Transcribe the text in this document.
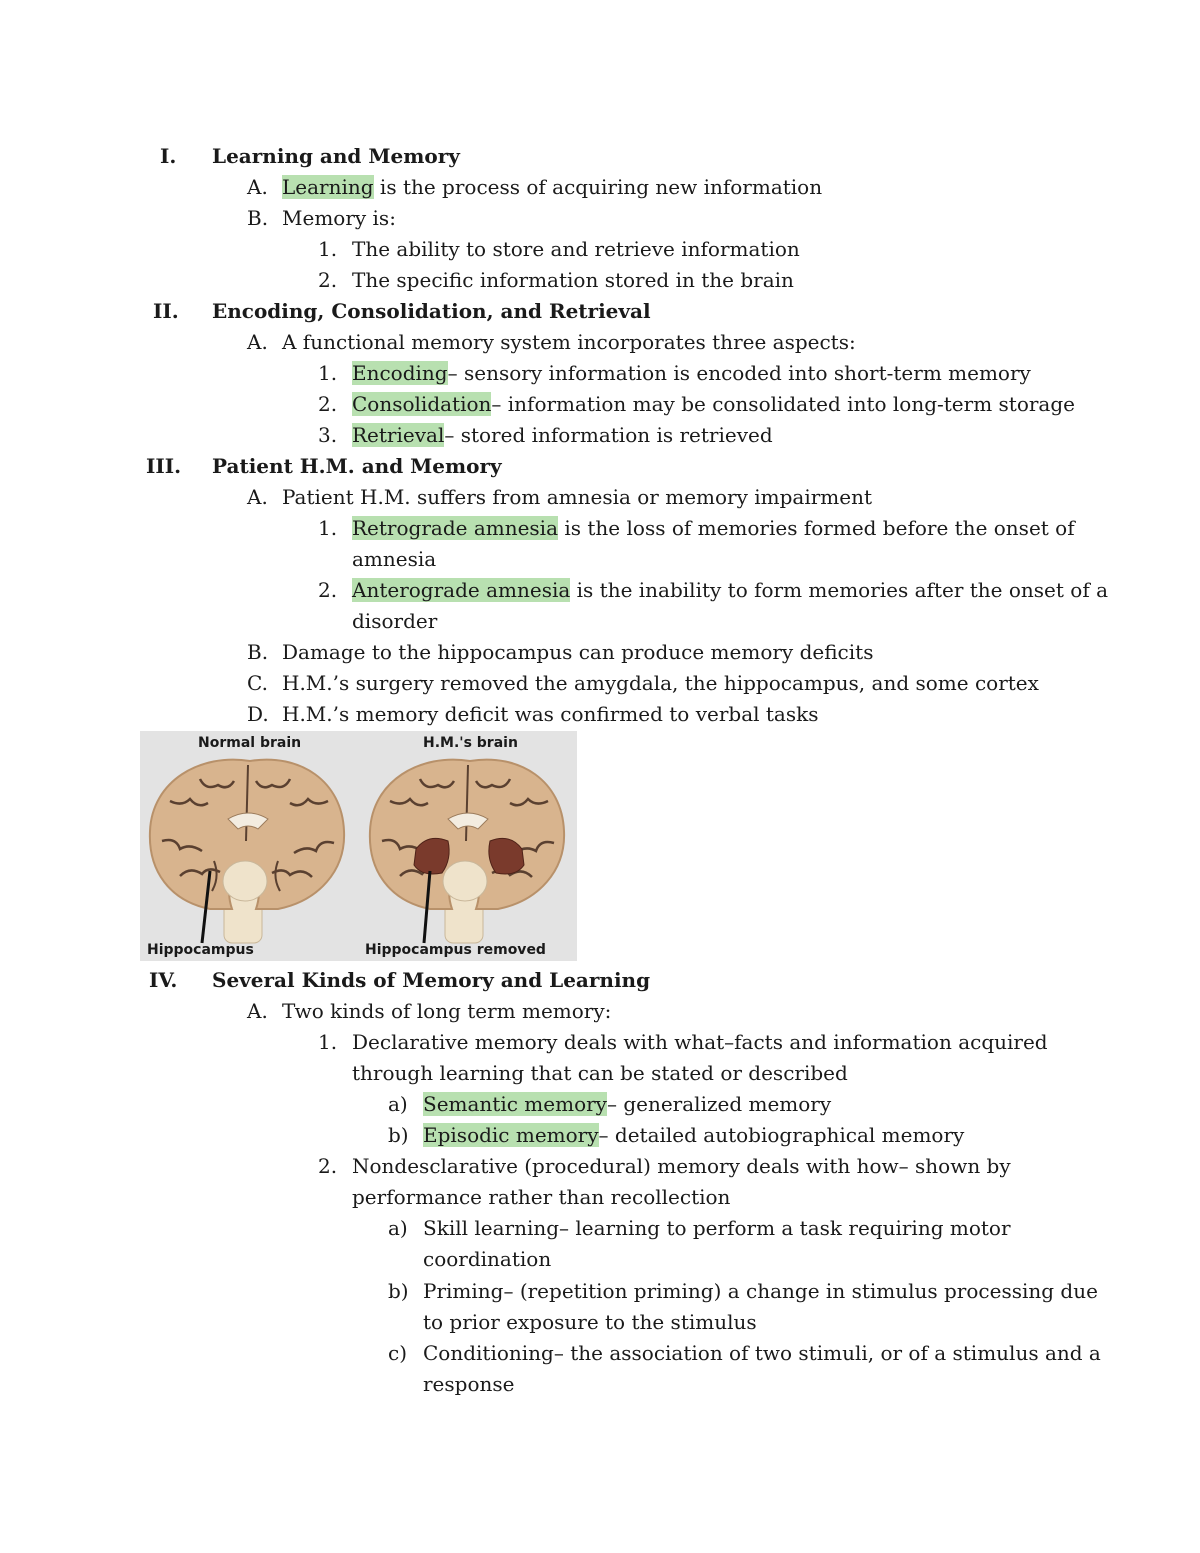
I. Learning and Memory
A. Learning is the process of acquiring new information
B. Memory is:
1. The ability to store and retrieve information
2. The specific information stored in the brain
II. Encoding, Consolidation, and Retrieval
A. A functional memory system incorporates three aspects:
1. Encoding– sensory information is encoded into short-term memory
2. Consolidation– information may be consolidated into long-term storage
3. Retrieval– stored information is retrieved
III. Patient H.M. and Memory
A. Patient H.M. suffers from amnesia or memory impairment
1. Retrograde amnesia is the loss of memories formed before the onset of
amnesia
2. Anterograde amnesia is the inability to form memories after the onset of a
disorder
B. Damage to the hippocampus can produce memory deficits
C. H.M.’s surgery removed the amygdala, the hippocampus, and some cortex
D. H.M.’s memory deficit was confirmed to verbal tasks
Normal brain	H.M.'s brain
Hippocampus	Hippocampus removed
IV. Several Kinds of Memory and Learning
A. Two kinds of long term memory:
1. Declarative memory deals with what–facts and information acquired
through learning that can be stated or described
a) Semantic memory– generalized memory
b) Episodic memory– detailed autobiographical memory
2. Nondesclarative (procedural) memory deals with how– shown by
performance rather than recollection
a) Skill learning– learning to perform a task requiring motor
coordination
b) Priming– (repetition priming) a change in stimulus processing due
to prior exposure to the stimulus
c) Conditioning– the association of two stimuli, or of a stimulus and a
response
